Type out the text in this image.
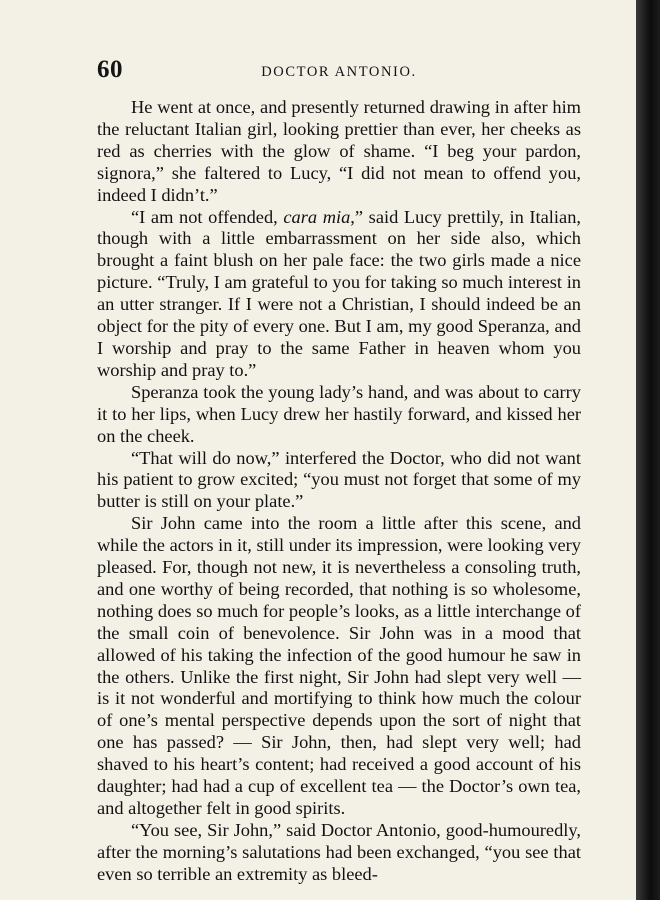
60	DOCTOR ANTONIO.

He went at once, and presently returned drawing in after him the reluctant Italian girl, looking prettier than ever, her cheeks as red as cherries with the glow of shame. “I beg your pardon, signora,” she faltered to Lucy, “I did not mean to offend you, indeed I didn’t.”

“I am not offended, cara mia,” said Lucy prettily, in Italian, though with a little embarrassment on her side also, which brought a faint blush on her pale face: the two girls made a nice picture. “Truly, I am grateful to you for taking so much interest in an utter stranger. If I were not a Christian, I should indeed be an object for the pity of every one. But I am, my good Speranza, and I worship and pray to the same Father in heaven whom you worship and pray to.”

Speranza took the young lady’s hand, and was about to carry it to her lips, when Lucy drew her hastily forward, and kissed her on the cheek.

“That will do now,” interfered the Doctor, who did not want his patient to grow excited; “you must not forget that some of my butter is still on your plate.”

Sir John came into the room a little after this scene, and while the actors in it, still under its impression, were looking very pleased. For, though not new, it is nevertheless a consoling truth, and one worthy of being recorded, that nothing is so wholesome, nothing does so much for people’s looks, as a little interchange of the small coin of benevolence. Sir John was in a mood that allowed of his taking the infection of the good humour he saw in the others. Unlike the first night, Sir John had slept very well — is it not wonderful and mortifying to think how much the colour of one’s mental perspective depends upon the sort of night that one has passed? — Sir John, then, had slept very well; had shaved to his heart’s content; had received a good account of his daughter; had had a cup of excellent tea — the Doctor’s own tea, and altogether felt in good spirits.

“You see, Sir John,” said Doctor Antonio, good-humouredly, after the morning’s salutations had been exchanged, “you see that even so terrible an extremity as bleed-
